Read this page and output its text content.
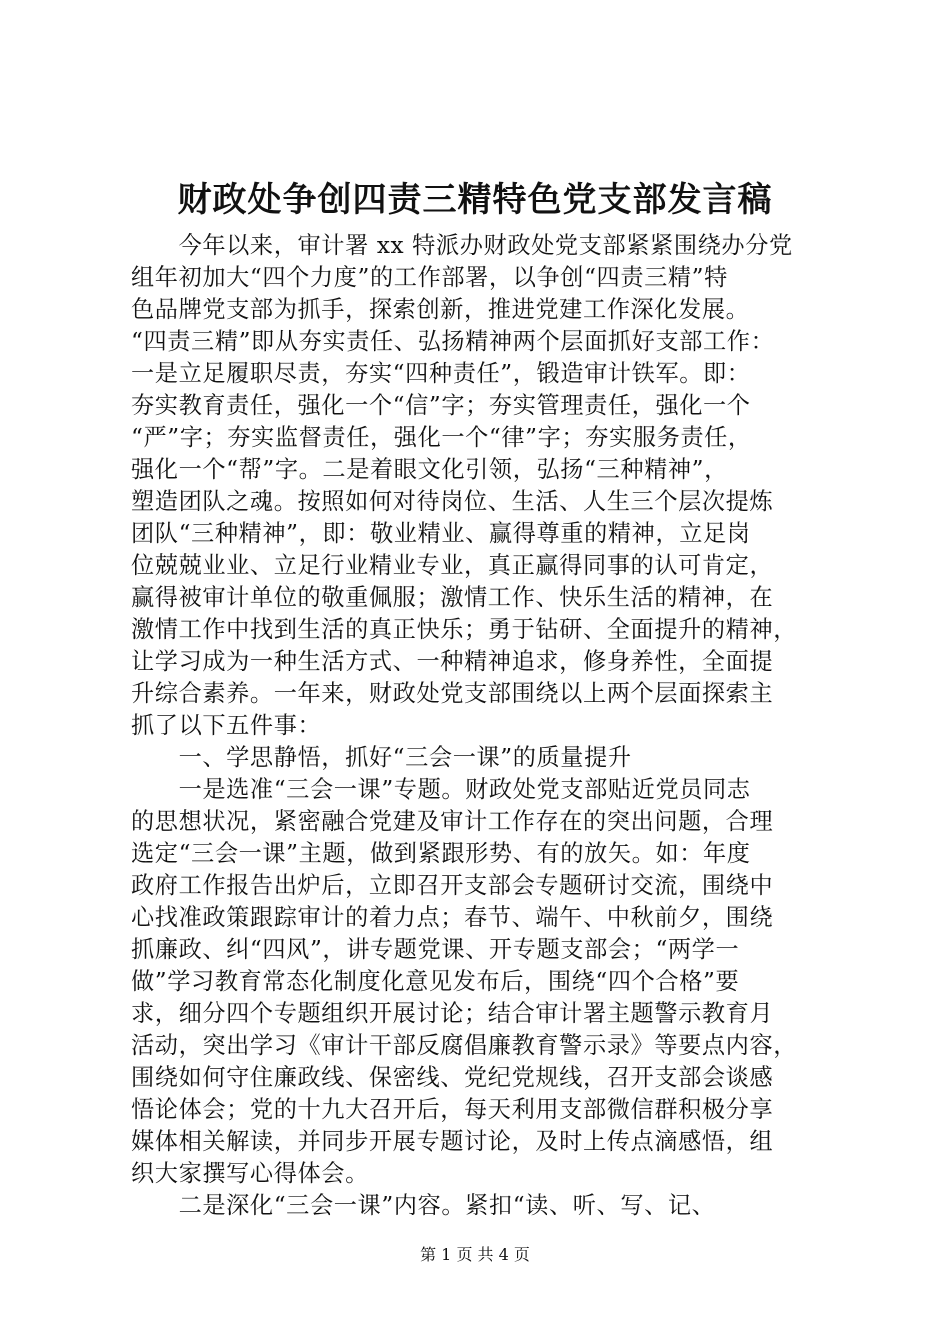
财政处争创四责三精特色党支部发言稿
　　今年以来，审计署 xx 特派办财政处党支部紧紧围绕办分党
组年初加大“四个力度”的工作部署，以争创“四责三精”特
色品牌党支部为抓手，探索创新，推进党建工作深化发展。
“四责三精”即从夯实责任、弘扬精神两个层面抓好支部工作：
一是立足履职尽责，夯实“四种责任”，锻造审计铁军。即：
夯实教育责任，强化一个“信”字；夯实管理责任，强化一个
“严”字；夯实监督责任，强化一个“律”字；夯实服务责任，
强化一个“帮”字。二是着眼文化引领，弘扬“三种精神”，
塑造团队之魂。按照如何对待岗位、生活、人生三个层次提炼
团队“三种精神”，即：敬业精业、赢得尊重的精神，立足岗
位兢兢业业、立足行业精业专业，真正赢得同事的认可肯定，
赢得被审计单位的敬重佩服；激情工作、快乐生活的精神，在
激情工作中找到生活的真正快乐；勇于钻研、全面提升的精神，
让学习成为一种生活方式、一种精神追求，修身养性，全面提
升综合素养。一年来，财政处党支部围绕以上两个层面探索主
抓了以下五件事：
　　一、学思静悟，抓好“三会一课”的质量提升
　　一是选准“三会一课”专题。财政处党支部贴近党员同志
的思想状况，紧密融合党建及审计工作存在的突出问题，合理
选定“三会一课”主题，做到紧跟形势、有的放矢。如：年度
政府工作报告出炉后，立即召开支部会专题研讨交流，围绕中
心找准政策跟踪审计的着力点；春节、端午、中秋前夕，围绕
抓廉政、纠“四风”，讲专题党课、开专题支部会；“两学一
做”学习教育常态化制度化意见发布后，围绕“四个合格”要
求，细分四个专题组织开展讨论；结合审计署主题警示教育月
活动，突出学习《审计干部反腐倡廉教育警示录》等要点内容，
围绕如何守住廉政线、保密线、党纪党规线，召开支部会谈感
悟论体会；党的十九大召开后，每天利用支部微信群积极分享
媒体相关解读，并同步开展专题讨论，及时上传点滴感悟，组
织大家撰写心得体会。
　　二是深化“三会一课”内容。紧扣“读、听、写、记、
第 1 页 共 4 页
